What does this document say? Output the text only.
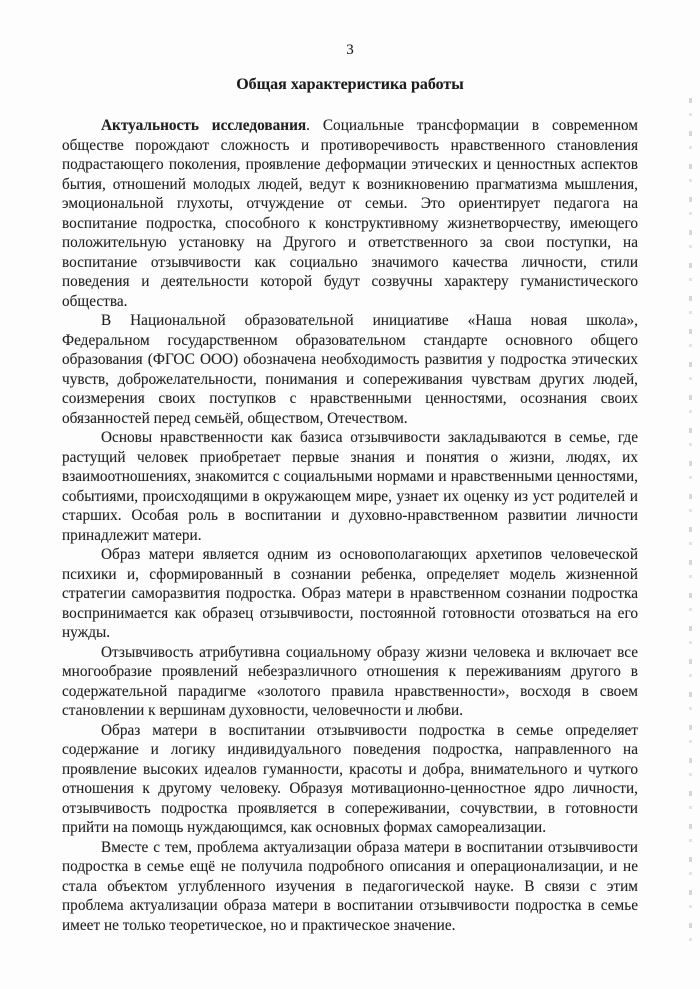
3
Общая характеристика работы

Актуальность исследования. Социальные трансформации в современном обществе порождают сложность и противоречивость нравственного становления подрастающего поколения, проявление деформации этических и ценностных аспектов бытия, отношений молодых людей, ведут к возникновению прагматизма мышления, эмоциональной глухоты, отчуждение от семьи. Это ориентирует педагога на воспитание подростка, способного к конструктивному жизнетворчеству, имеющего положительную установку на Другого и ответственного за свои поступки, на воспитание отзывчивости как социально значимого качества личности, стили поведения и деятельности которой будут созвучны характеру гуманистического общества.

В Национальной образовательной инициативе «Наша новая школа», Федеральном государственном образовательном стандарте основного общего образования (ФГОС ООО) обозначена необходимость развития у подростка этических чувств, доброжелательности, понимания и сопереживания чувствам других людей, соизмерения своих поступков с нравственными ценностями, осознания своих обязанностей перед семьёй, обществом, Отечеством.

Основы нравственности как базиса отзывчивости закладываются в семье, где растущий человек приобретает первые знания и понятия о жизни, людях, их взаимоотношениях, знакомится с социальными нормами и нравственными ценностями, событиями, происходящими в окружающем мире, узнает их оценку из уст родителей и старших. Особая роль в воспитании и духовно-нравственном развитии личности принадлежит матери.

Образ матери является одним из основополагающих архетипов человеческой психики и, сформированный в сознании ребенка, определяет модель жизненной стратегии саморазвития подростка. Образ матери в нравственном сознании подростка воспринимается как образец отзывчивости, постоянной готовности отозваться на его нужды.

Отзывчивость атрибутивна социальному образу жизни человека и включает все многообразие проявлений небезразличного отношения к переживаниям другого в содержательной парадигме «золотого правила нравственности», восходя в своем становлении к вершинам духовности, человечности и любви.

Образ матери в воспитании отзывчивости подростка в семье определяет содержание и логику индивидуального поведения подростка, направленного на проявление высоких идеалов гуманности, красоты и добра, внимательного и чуткого отношения к другому человеку. Образуя мотивационно-ценностное ядро личности, отзывчивость подростка проявляется в сопереживании, сочувствии, в готовности прийти на помощь нуждающимся, как основных формах самореализации.

Вместе с тем, проблема актуализации образа матери в воспитании отзывчивости подростка в семье ещё не получила подробного описания и операционализации, и не стала объектом углубленного изучения в педагогической науке. В связи с этим проблема актуализации образа матери в воспитании отзывчивости подростка в семье имеет не только теоретическое, но и практическое значение.
